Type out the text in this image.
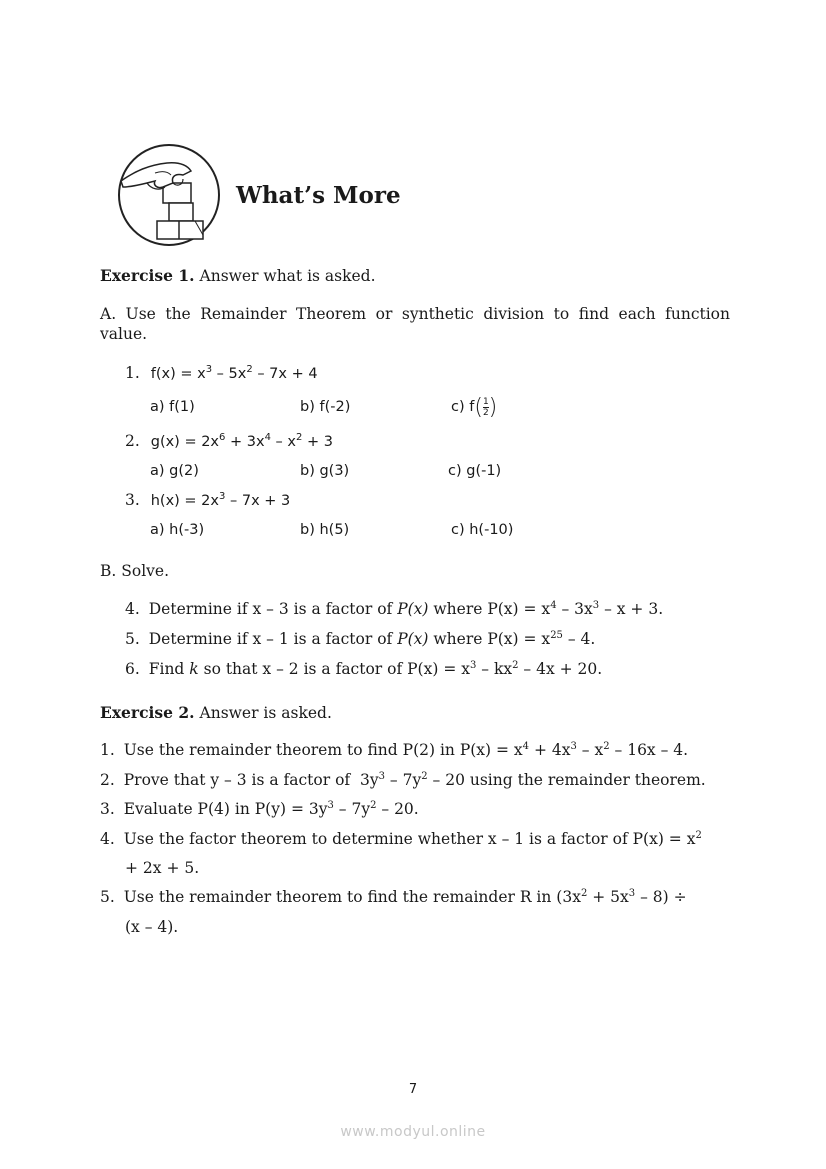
What’s More
Exercise 1. Answer what is asked.
A. Use the Remainder Theorem or synthetic division to find each function
value.
1. $f(x) = x^3 - 5x^2 - 7x + 4$
a) f(1)	b) f(-2)	c) $f( \frac{1}{2}$ )
2. $g(x) = 2x^6 + 3x^4 - x^2 + 3$
a) g(2)	b) g(3)	c) g(-1)
3. $h(x) = 2x^3 - 7x + 3$
a) h(-3)	b) h(5)	c) h(-10)
B. Solve.
4. Determine if x – 3 is a factor of P(x) where $P(x) = x^4 - 3x^3 - x + 3$.
5. Determine if x – 1 is a factor of P(x) where $P(x) = x^{25} - 4$.
6. Find k so that x – 2 is a factor of $P(x) = x^3 - kx^2 - 4x + 20$.
Exercise 2. Answer is asked.
1. Use the remainder theorem to find P(2) in $P(x) = x^4 + 4x^3 - x^2 - 16x - 4$.
2. Prove that y – 3 is a factor of  $3y^3 - 7y^2 - 20$ using the remainder theorem.
3. Evaluate P(4) in $P(y) = 3y^3 - 7y^2 - 20$.
4. Use the factor theorem to determine whether x – 1 is a factor of $P(x) = x^2$
+ 2x + 5.
5. Use the remainder theorem to find the remainder R in $(3x^2 + 5x^3 - 8)$ ÷
(x – 4).
7
www.modyul.online
